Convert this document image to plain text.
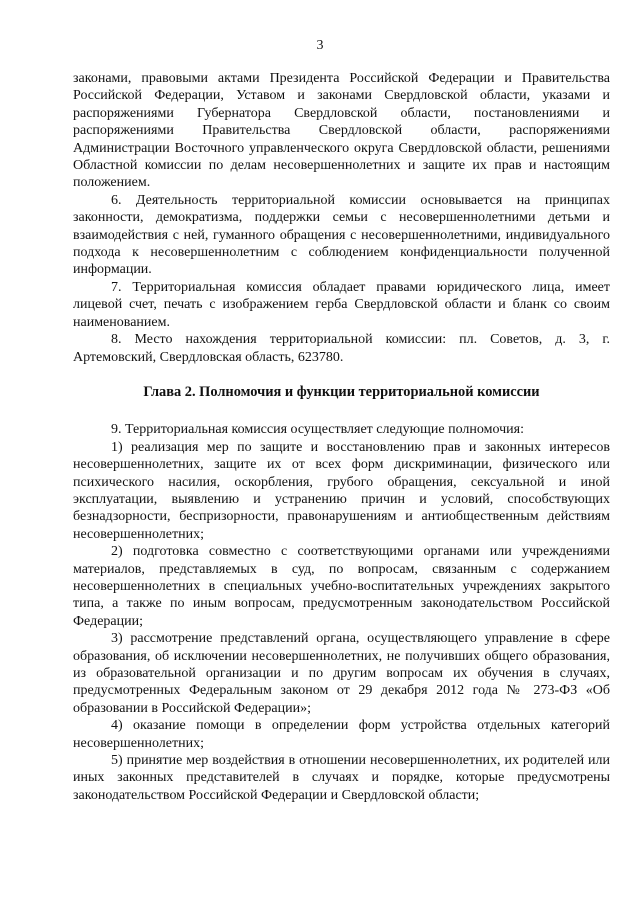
3

законами, правовыми актами Президента Российской Федерации и Правительства Российской Федерации, Уставом и законами Свердловской области, указами и распоряжениями Губернатора Свердловской области, постановлениями и распоряжениями Правительства Свердловской области, распоряжениями Администрации Восточного управленческого округа Свердловской области, решениями Областной комиссии по делам несовершеннолетних и защите их прав и настоящим положением.

6. Деятельность территориальной комиссии основывается на принципах законности, демократизма, поддержки семьи с несовершеннолетними детьми и взаимодействия с ней, гуманного обращения с несовершеннолетними, индивидуального подхода к несовершеннолетним с соблюдением конфиденциальности полученной информации.

7. Территориальная комиссия обладает правами юридического лица, имеет лицевой счет, печать с изображением герба Свердловской области и бланк со своим наименованием.

8. Место нахождения территориальной комиссии: пл. Советов, д. 3, г. Артемовский, Свердловская область, 623780.

Глава 2. Полномочия и функции территориальной комиссии

9. Территориальная комиссия осуществляет следующие полномочия:

1) реализация мер по защите и восстановлению прав и законных интересов несовершеннолетних, защите их от всех форм дискриминации, физического или психического насилия, оскорбления, грубого обращения, сексуальной и иной эксплуатации, выявлению и устранению причин и условий, способствующих безнадзорности, беспризорности, правонарушениям и антиобщественным действиям несовершеннолетних;

2) подготовка совместно с соответствующими органами или учреждениями материалов, представляемых в суд, по вопросам, связанным с содержанием несовершеннолетних в специальных учебно-воспитательных учреждениях закрытого типа, а также по иным вопросам, предусмотренным законодательством Российской Федерации;

3) рассмотрение представлений органа, осуществляющего управление в сфере образования, об исключении несовершеннолетних, не получивших общего образования, из образовательной организации и по другим вопросам их обучения в случаях, предусмотренных Федеральным законом от 29 декабря 2012 года № 273-ФЗ «Об образовании в Российской Федерации»;

4) оказание помощи в определении форм устройства отдельных категорий несовершеннолетних;

5) принятие мер воздействия в отношении несовершеннолетних, их родителей или иных законных представителей в случаях и порядке, которые предусмотрены законодательством Российской Федерации и Свердловской области;
